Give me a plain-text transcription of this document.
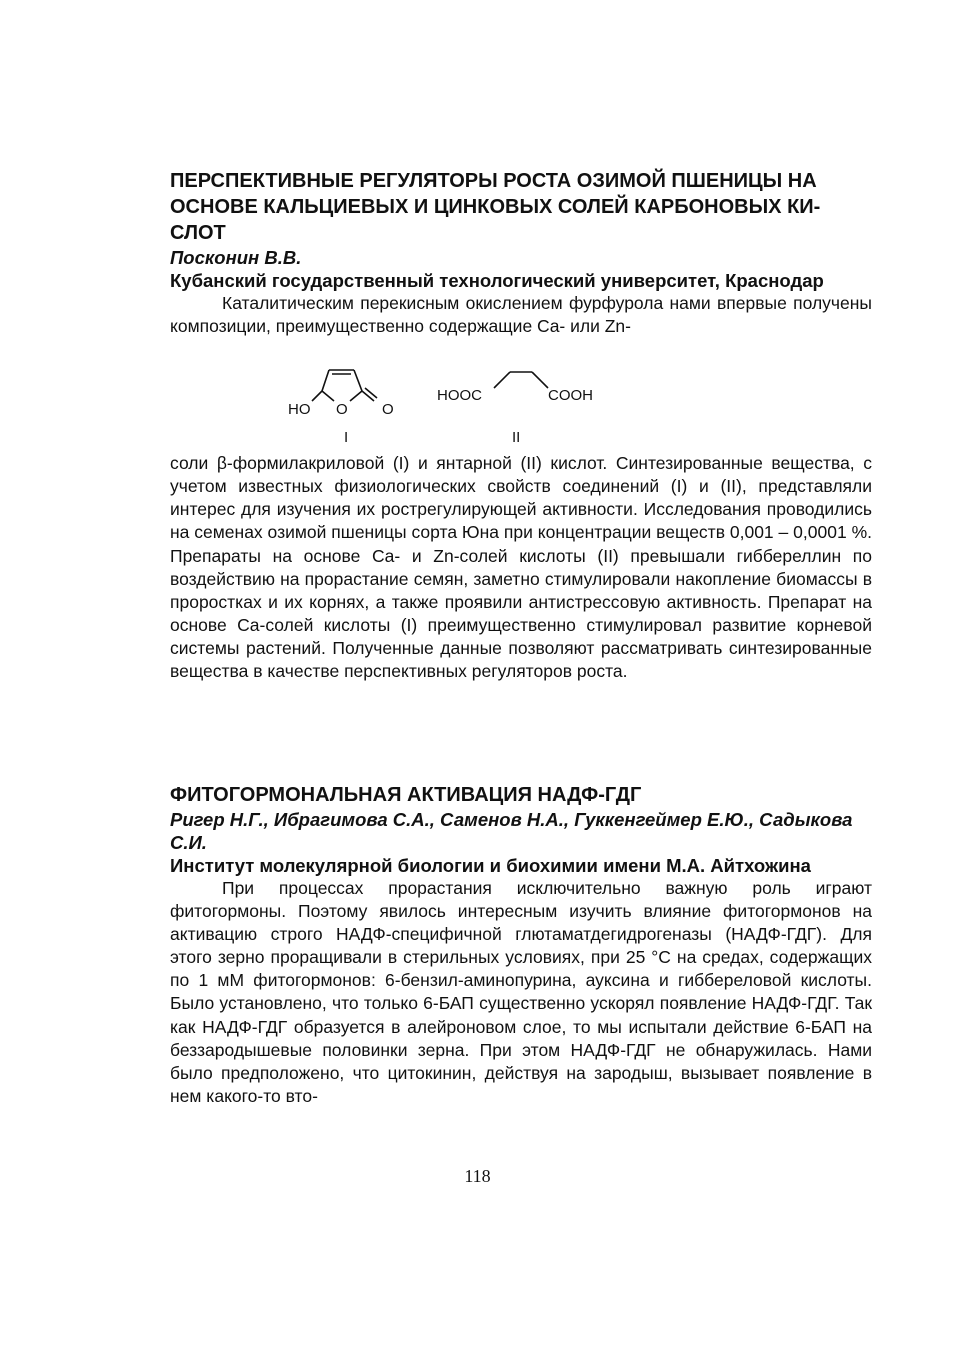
ПЕРСПЕКТИВНЫЕ РЕГУЛЯТОРЫ РОСТА ОЗИМОЙ ПШЕНИЦЫ НА ОСНОВЕ КАЛЬЦИЕВЫХ И ЦИНКОВЫХ СОЛЕЙ КАРБОНОВЫХ КИ-СЛОТ

Посконин В.В.

Кубанский государственный технологический университет, Краснодар

Каталитическим перекисным окислением фурфурола нами впервые получены композиции, преимущественно содержащие Ca- или Zn-

HO O O
I
HOOC	COOH
II

соли β-формилакриловой (I) и янтарной (II) кислот. Синтезированные вещества, с учетом известных физиологических свойств соединений (I) и (II), представляли интерес для изучения их рострегулирующей активности. Исследования проводились на семенах озимой пшеницы сорта Юна при концентрации веществ 0,001 – 0,0001 %. Препараты на основе Ca- и Zn-солей кислоты (II) превышали гиббереллин по воздействию на прорастание семян, заметно стимулировали накопление биомассы в проростках и их корнях, а также проявили антистрессовую активность. Препарат на основе Ca-солей кислоты (I) преимущественно стимулировал развитие корневой системы растений. Полученные данные позволяют рассматривать синтезированные вещества в качестве перспективных регуляторов роста.

ФИТОГОРМОНАЛЬНАЯ АКТИВАЦИЯ НАДФ-ГДГ

Ригер Н.Г., Ибрагимова С.А., Саменов Н.А., Гуккенгеймер Е.Ю., Садыкова С.И.

Институт молекулярной биологии и биохимии имени М.А. Айтхожина

При процессах прорастания исключительно важную роль играют фитогормоны. Поэтому явилось интересным изучить влияние фитогормонов на активацию строго НАДФ-специфичной глютаматдегидрогеназы (НАДФ-ГДГ). Для этого зерно проращивали в стерильных условиях, при 25 °С на средах, содержащих по 1 мМ фитогормонов: 6-бензил-аминопурина, ауксина и гиббереловой кислоты. Было установлено, что только 6-БАП существенно ускорял появление НАДФ-ГДГ. Так как НАДФ-ГДГ образуется в алейроновом слое, то мы испытали действие 6-БАП на беззародышевые половинки зерна. При этом НАДФ-ГДГ не обнаружилась. Нами было предположено, что цитокинин, действуя на зародыш, вызывает появление в нем какого-то вто-

118
